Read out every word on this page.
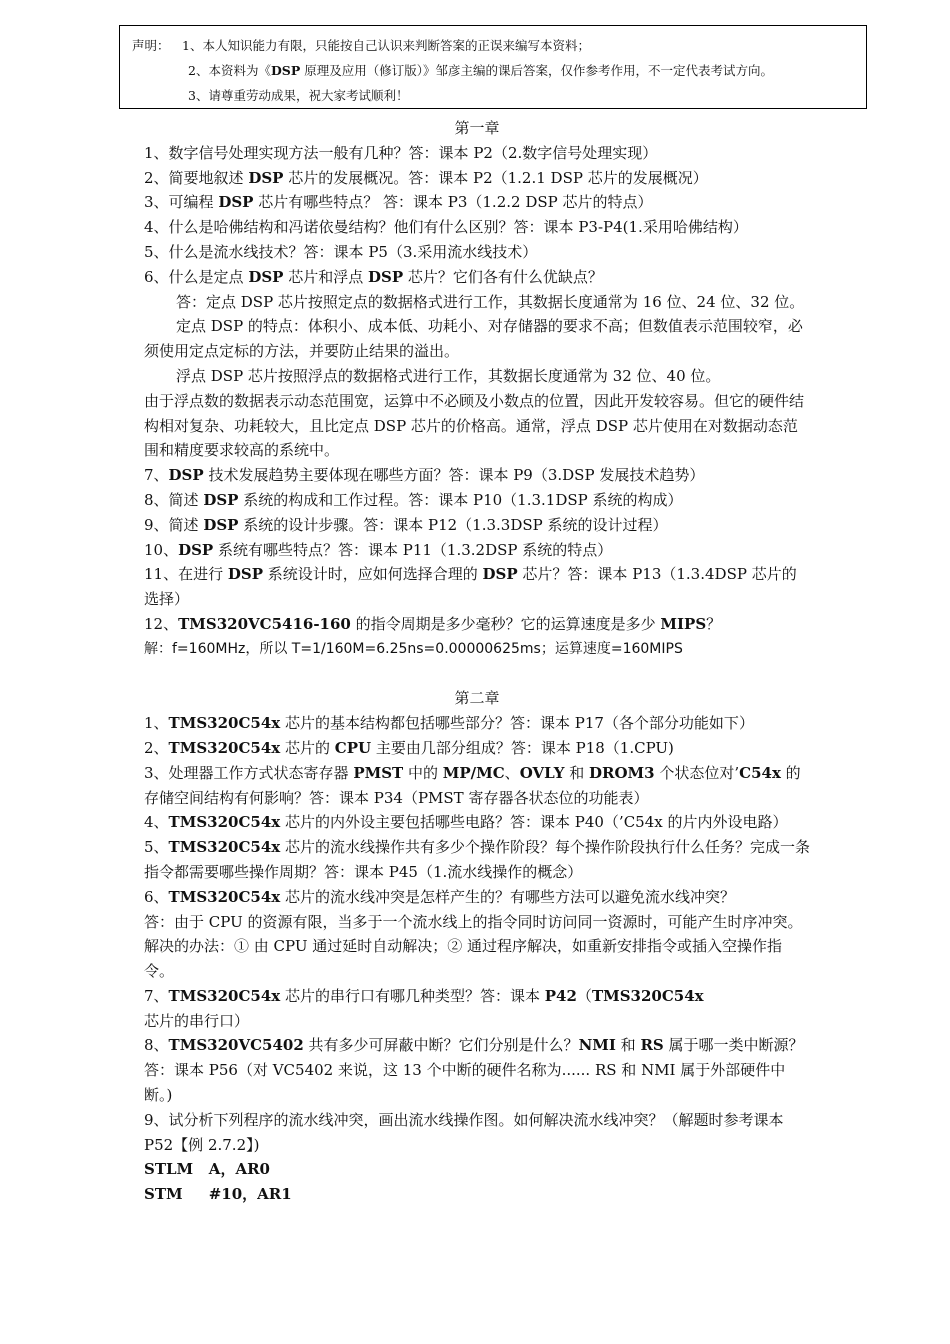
声明： 1、本人知识能力有限，只能按自己认识来判断答案的正误来编写本资料；
2、本资料为《DSP 原理及应用（修订版）》邹彦主编的课后答案，仅作参考作用，不一定代表考试方向。
3、请尊重劳动成果，祝大家考试顺利！

第一章

1、数字信号处理实现方法一般有几种？答：课本 P2（2.数字信号处理实现）

2、简要地叙述 DSP 芯片的发展概况。答：课本 P2（1.2.1 DSP 芯片的发展概况）

3、可编程 DSP 芯片有哪些特点？ 答：课本 P3（1.2.2 DSP 芯片的特点）

4、什么是哈佛结构和冯诺依曼结构？他们有什么区别？答：课本 P3-P4(1.采用哈佛结构）

5、什么是流水线技术？答：课本 P5（3.采用流水线技术）

6、什么是定点 DSP 芯片和浮点 DSP 芯片？它们各有什么优缺点？

答：定点 DSP 芯片按照定点的数据格式进行工作，其数据长度通常为 16 位、24 位、32 位。

定点 DSP 的特点：体积小、成本低、功耗小、对存储器的要求不高；但数值表示范围较窄，必须使用定点定标的方法，并要防止结果的溢出。

浮点 DSP 芯片按照浮点的数据格式进行工作，其数据长度通常为 32 位、40 位。

由于浮点数的数据表示动态范围宽，运算中不必顾及小数点的位置，因此开发较容易。但它的硬件结构相对复杂、功耗较大，且比定点 DSP 芯片的价格高。通常，浮点 DSP 芯片使用在对数据动态范围和精度要求较高的系统中。

7、DSP 技术发展趋势主要体现在哪些方面？答：课本 P9（3.DSP 发展技术趋势）

8、简述 DSP 系统的构成和工作过程。答：课本 P10（1.3.1DSP 系统的构成）

9、简述 DSP 系统的设计步骤。答：课本 P12（1.3.3DSP 系统的设计过程）

10、DSP 系统有哪些特点？答：课本 P11（1.3.2DSP 系统的特点）

11、在进行 DSP 系统设计时，应如何选择合理的 DSP 芯片？答：课本 P13（1.3.4DSP 芯片的选择）

12、TMS320VC5416-160 的指令周期是多少毫秒？它的运算速度是多少 MIPS？

解：f=160MHz，所以 T=1/160M=6.25ns=0.00000625ms；运算速度=160MIPS

第二章

1、TMS320C54x 芯片的基本结构都包括哪些部分？答：课本 P17（各个部分功能如下）

2、TMS320C54x 芯片的 CPU 主要由几部分组成？答：课本 P18（1.CPU)

3、处理器工作方式状态寄存器 PMST 中的 MP/MC、OVLY 和 DROM3 个状态位对’C54x 的存储空间结构有何影响？答：课本 P34（PMST 寄存器各状态位的功能表）

4、TMS320C54x 芯片的内外设主要包括哪些电路？答：课本 P40（’C54x 的片内外设电路）

5、TMS320C54x 芯片的流水线操作共有多少个操作阶段？每个操作阶段执行什么任务？完成一条指令都需要哪些操作周期？答：课本 P45（1.流水线操作的概念）

6、TMS320C54x 芯片的流水线冲突是怎样产生的？有哪些方法可以避免流水线冲突？

答：由于 CPU 的资源有限，当多于一个流水线上的指令同时访问同一资源时，可能产生时序冲突。解决的办法：① 由 CPU 通过延时自动解决；② 通过程序解决，如重新安排指令或插入空操作指令。

7、TMS320C54x 芯片的串行口有哪几种类型？答：课本 P42（TMS320C54x 芯片的串行口）

8、TMS320VC5402 共有多少可屏蔽中断？它们分别是什么？NMI 和 RS 属于哪一类中断源？答：课本 P56（对 VC5402 来说，这 13 个中断的硬件名称为...... RS 和 NMI 属于外部硬件中断。)

9、试分析下列程序的流水线冲突，画出流水线操作图。如何解决流水线冲突？（解题时参考课本 P52【例 2.7.2】)

STLM   A，AR0

STM     #10，AR1
